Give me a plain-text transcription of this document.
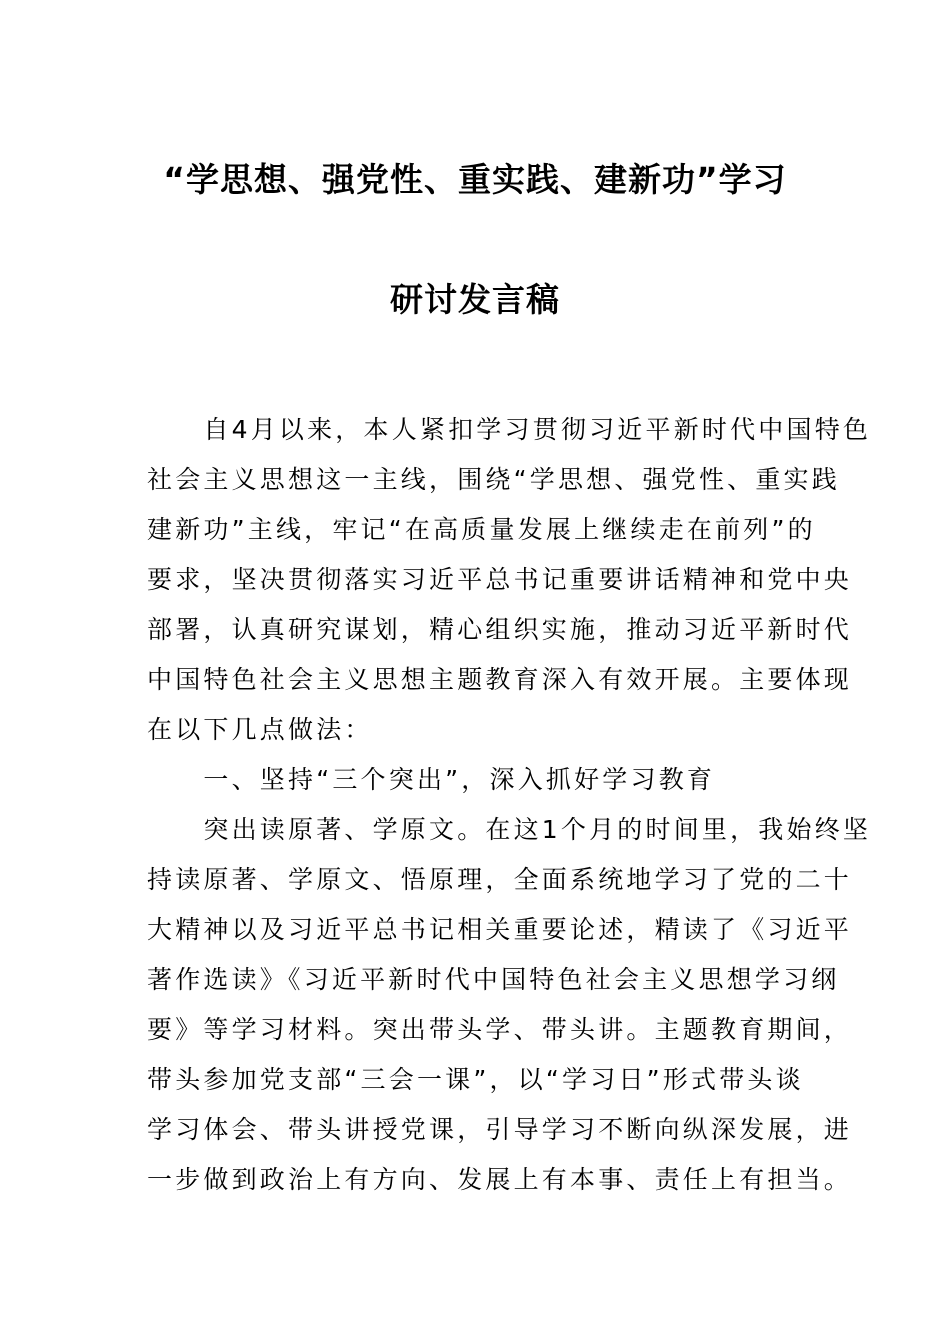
“学思想、强党性、重实践、建新功”学习
研讨发言稿
　　自4月以来，本人紧扣学习贯彻习近平新时代中国特色
社会主义思想这一主线，围绕“学思想、强党性、重实践
建新功”主线，牢记“在高质量发展上继续走在前列”的
要求，坚决贯彻落实习近平总书记重要讲话精神和党中央
部署，认真研究谋划，精心组织实施，推动习近平新时代
中国特色社会主义思想主题教育深入有效开展。主要体现
在以下几点做法：
　　一、坚持“三个突出”，深入抓好学习教育
　　突出读原著、学原文。在这1个月的时间里，我始终坚
持读原著、学原文、悟原理，全面系统地学习了党的二十
大精神以及习近平总书记相关重要论述，精读了《习近平
著作选读》《习近平新时代中国特色社会主义思想学习纲
要》等学习材料。突出带头学、带头讲。主题教育期间，
带头参加党支部“三会一课”，以“学习日”形式带头谈
学习体会、带头讲授党课，引导学习不断向纵深发展，进
一步做到政治上有方向、发展上有本事、责任上有担当。
